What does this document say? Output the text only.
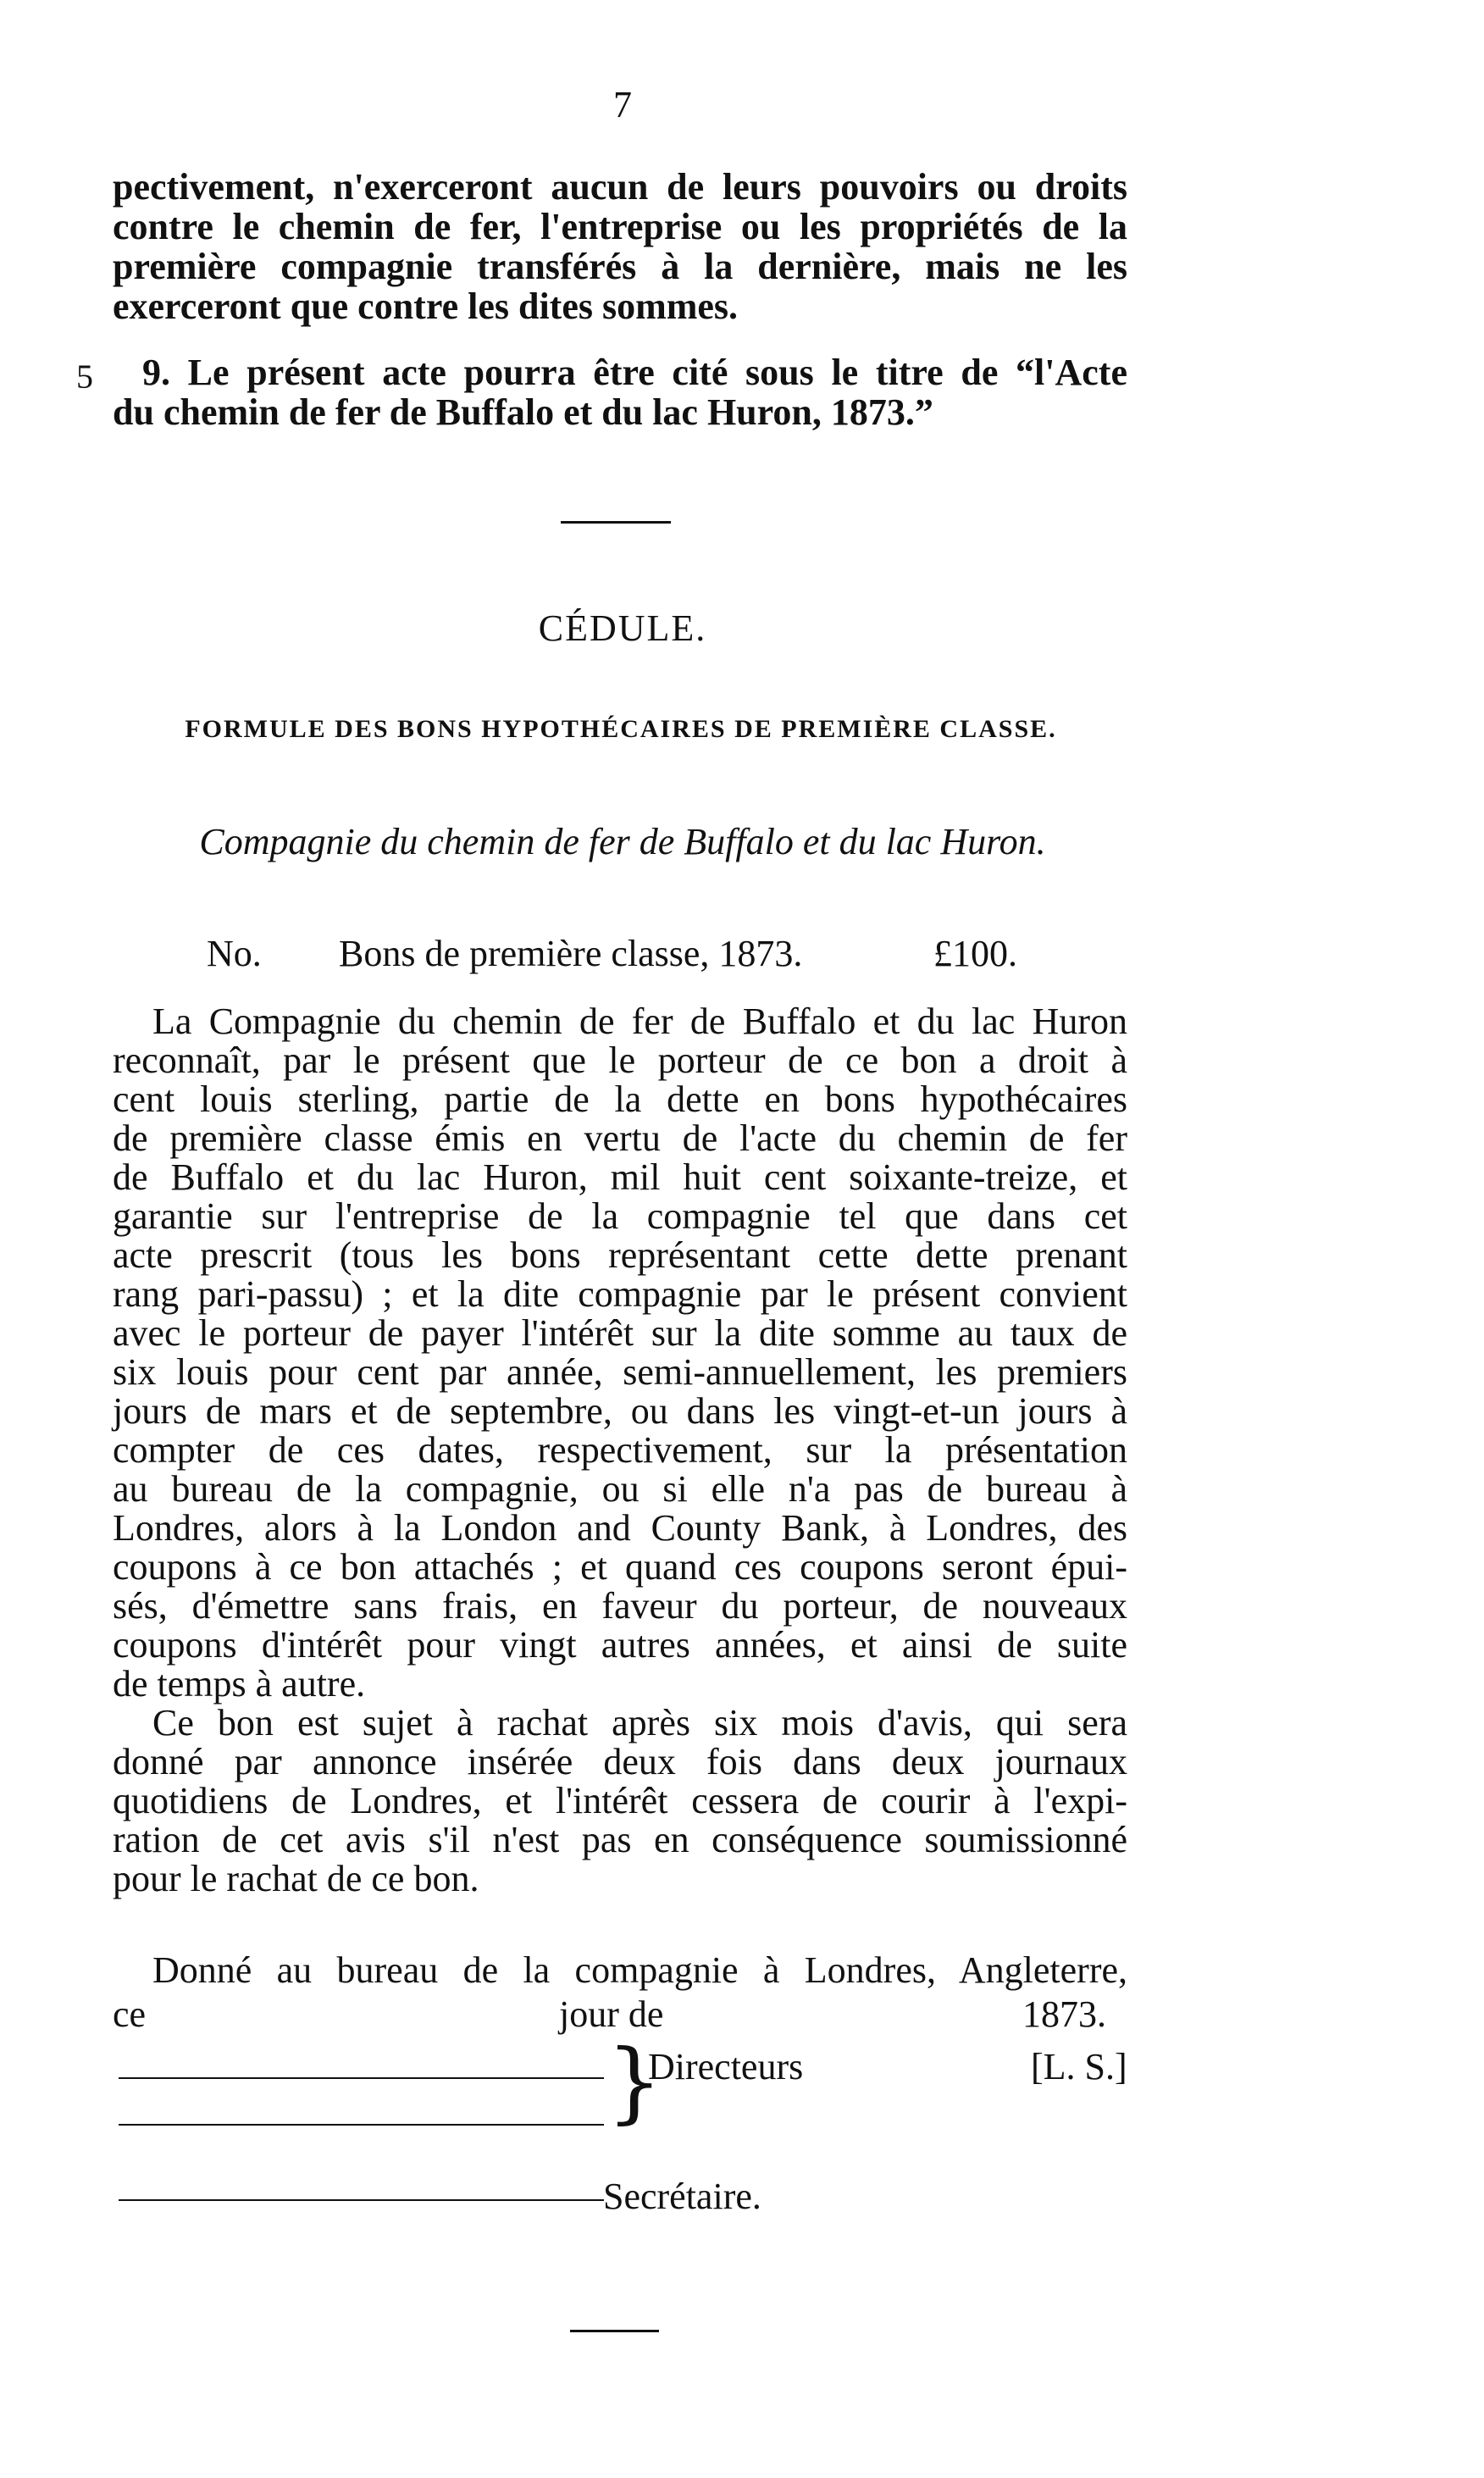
7
pectivement, n'exerceront aucun de leurs pouvoirs ou droits
contre le chemin de fer, l'entreprise ou les propriétés de la
première compagnie transférés à la dernière, mais ne les
exerceront que contre les dites sommes.
5 9. Le présent acte pourra être cité sous le titre de “l'Acte
du chemin de fer de Buffalo et du lac Huron, 1873.”
CÉDULE.
FORMULE DES BONS HYPOTHÉCAIRES DE PREMIÈRE CLASSE.
Compagnie du chemin de fer de Buffalo et du lac Huron.
No. Bons de première classe, 1873.	£100.
La Compagnie du chemin de fer de Buffalo et du lac Huron
reconnaît, par le présent que le porteur de ce bon a droit à
cent louis sterling, partie de la dette en bons hypothécaires
de première classe émis en vertu de l'acte du chemin de fer
de Buffalo et du lac Huron, mil huit cent soixante-treize, et
garantie sur l'entreprise de la compagnie tel que dans cet
acte prescrit (tous les bons représentant cette dette prenant
rang pari-passu) ; et la dite compagnie par le présent convient
avec le porteur de payer l'intérêt sur la dite somme au taux de
six louis pour cent par année, semi-annuellement, les premiers
jours de mars et de septembre, ou dans les vingt-et-un jours à
compter de ces dates, respectivement, sur la présentation
au bureau de la compagnie, ou si elle n'a pas de bureau à
Londres, alors à la London and County Bank, à Londres, des
coupons à ce bon attachés ; et quand ces coupons seront épui-
sés, d'émettre sans frais, en faveur du porteur, de nouveaux
coupons d'intérêt pour vingt autres années, et ainsi de suite
de temps à autre.
Ce bon est sujet à rachat après six mois d'avis, qui sera
donné par annonce insérée deux fois dans deux journaux
quotidiens de Londres, et l'intérêt cessera de courir à l'expi-
ration de cet avis s'il n'est pas en conséquence soumissionné
pour le rachat de ce bon.
Donné au bureau de la compagnie à Londres, Angleterre,
ce	jour de	1873.
}
Directeurs	[L. S.]
Secrétaire.
